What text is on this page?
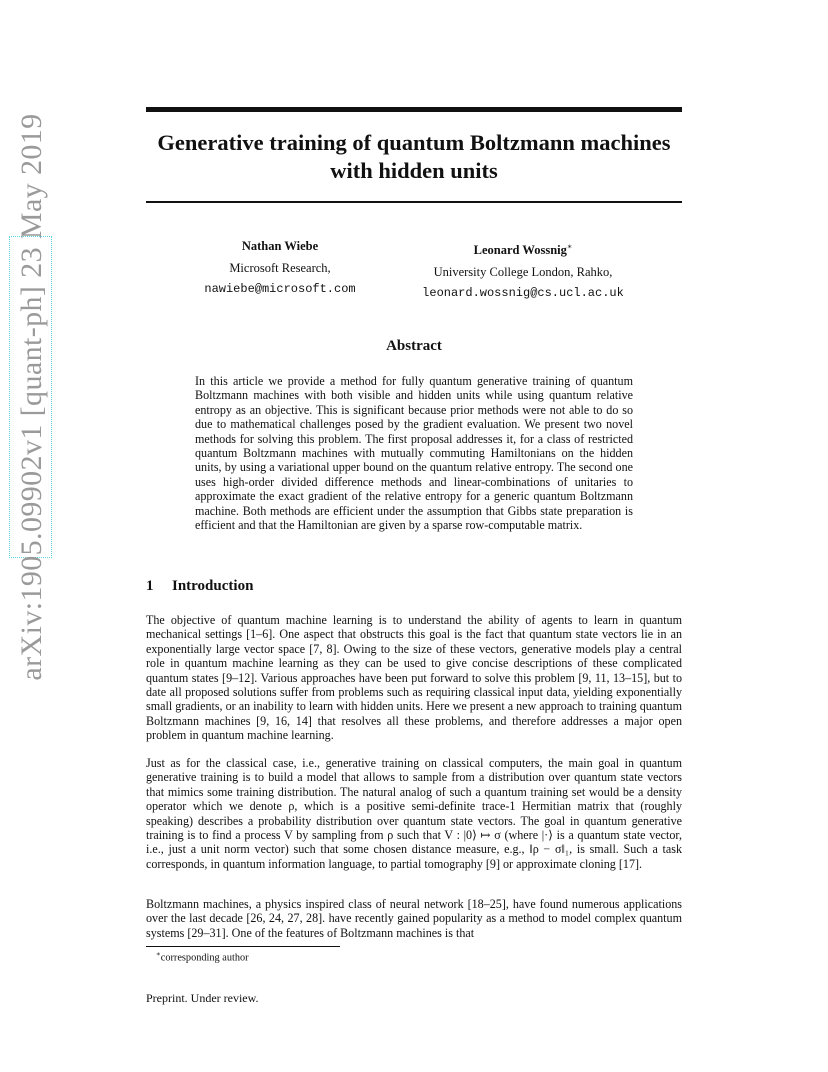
arXiv:1905.09902v1 [quant-ph] 23 May 2019	Generative training of quantum Boltzmann machines
with hidden units
Nathan Wiebe
Microsoft Research,
nawiebe@microsoft.com
Leonard Wossnig∗
University College London, Rahko,
leonard.wossnig@cs.ucl.ac.uk
Abstract
In this article we provide a method for fully quantum generative training of quantum Boltzmann machines with both visible and hidden units while using quantum relative entropy as an objective. This is significant because prior methods were not able to do so due to mathematical challenges posed by the gradient evaluation. We present two novel methods for solving this problem. The first proposal addresses it, for a class of restricted quantum Boltzmann machines with mutually commuting Hamiltonians on the hidden units, by using a variational upper bound on the quantum relative entropy. The second one uses high-order divided difference methods and linear-combinations of unitaries to approximate the exact gradient of the relative entropy for a generic quantum Boltzmann machine. Both methods are efficient under the assumption that Gibbs state preparation is efficient and that the Hamiltonian are given by a sparse row-computable matrix.
1 Introduction

The objective of quantum machine learning is to understand the ability of agents to learn in quantum mechanical settings [1–6]. One aspect that obstructs this goal is the fact that quantum state vectors lie in an exponentially large vector space [7, 8]. Owing to the size of these vectors, generative models play a central role in quantum machine learning as they can be used to give concise descriptions of these complicated quantum states [9–12]. Various approaches have been put forward to solve this problem [9, 11, 13–15], but to date all proposed solutions suffer from problems such as requiring classical input data, yielding exponentially small gradients, or an inability to learn with hidden units. Here we present a new approach to training quantum Boltzmann machines [9, 16, 14] that resolves all these problems, and therefore addresses a major open problem in quantum machine learning.

Just as for the classical case, i.e., generative training on classical computers, the main goal in quantum generative training is to build a model that allows to sample from a distribution over quantum state vectors that mimics some training distribution. The natural analog of such a quantum training set would be a density operator which we denote ρ, which is a positive semi-definite trace-1 Hermitian matrix that (roughly speaking) describes a probability distribution over quantum state vectors. The goal in quantum generative training is to find a process V by sampling from ρ such that V : |0⟩ ↦ σ (where |·⟩ is a quantum state vector, i.e., just a unit norm vector) such that some chosen distance measure, e.g., ‖ρ − σ‖₁, is small. Such a task corresponds, in quantum information language, to partial tomography [9] or approximate cloning [17].

Boltzmann machines, a physics inspired class of neural network [18–25], have found numerous applications over the last decade [26, 24, 27, 28]. have recently gained popularity as a method to model complex quantum systems [29–31]. One of the features of Boltzmann machines is that

∗corresponding author
Preprint. Under review.
